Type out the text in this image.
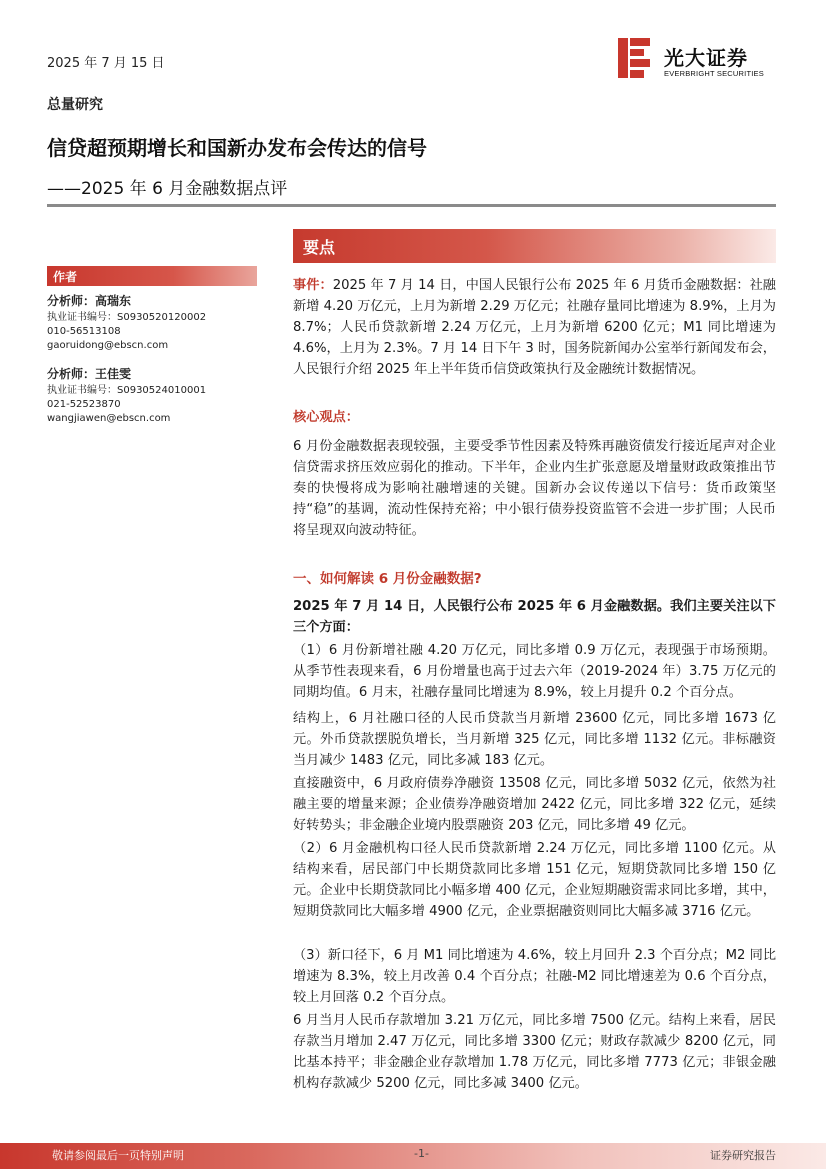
2025 年 7 月 15 日	光大证券
EVERBRIGHT SECURITIES
总量研究
信贷超预期增长和国新办发布会传达的信号
——2025 年 6 月金融数据点评
作者
分析师：高瑞东
执业证书编号：S0930520120002
010-56513108
gaoruidong@ebscn.com
分析师：王佳雯
执业证书编号：S0930524010001
021-52523870
wangjiawen@ebscn.com
要点
事件：2025 年 7 月 14 日，中国人民银行公布 2025 年 6 月货币金融数据：社融新增 4.20 万亿元，上月为新增 2.29 万亿元；社融存量同比增速为 8.9%，上月为 8.7%；人民币贷款新增 2.24 万亿元，上月为新增 6200 亿元；M1 同比增速为 4.6%，上月为 2.3%。7 月 14 日下午 3 时，国务院新闻办公室举行新闻发布会，人民银行介绍 2025 年上半年货币信贷政策执行及金融统计数据情况。
核心观点：
6 月份金融数据表现较强，主要受季节性因素及特殊再融资债发行接近尾声对企业信贷需求挤压效应弱化的推动。下半年，企业内生扩张意愿及增量财政政策推出节奏的快慢将成为影响社融增速的关键。国新办会议传递以下信号：货币政策坚持“稳”的基调，流动性保持充裕；中小银行债券投资监管不会进一步扩围；人民币将呈现双向波动特征。
一、如何解读 6 月份金融数据?
2025 年 7 月 14 日，人民银行公布 2025 年 6 月金融数据。我们主要关注以下三个方面：
（1）6 月份新增社融 4.20 万亿元，同比多增 0.9 万亿元，表现强于市场预期。从季节性表现来看，6 月份增量也高于过去六年（2019-2024 年）3.75 万亿元的同期均值。6 月末，社融存量同比增速为 8.9%，较上月提升 0.2 个百分点。
结构上，6 月社融口径的人民币贷款当月新增 23600 亿元，同比多增 1673 亿元。外币贷款摆脱负增长，当月新增 325 亿元，同比多增 1132 亿元。非标融资当月减少 1483 亿元，同比多减 183 亿元。
直接融资中，6 月政府债券净融资 13508 亿元，同比多增 5032 亿元，依然为社融主要的增量来源；企业债券净融资增加 2422 亿元，同比多增 322 亿元，延续好转势头；非金融企业境内股票融资 203 亿元，同比多增 49 亿元。
（2）6 月金融机构口径人民币贷款新增 2.24 万亿元，同比多增 1100 亿元。从结构来看，居民部门中长期贷款同比多增 151 亿元，短期贷款同比多增 150 亿元。企业中长期贷款同比小幅多增 400 亿元，企业短期融资需求同比多增，其中，短期贷款同比大幅多增 4900 亿元，企业票据融资则同比大幅多减 3716 亿元。
（3）新口径下，6 月 M1 同比增速为 4.6%，较上月回升 2.3 个百分点；M2 同比增速为 8.3%，较上月改善 0.4 个百分点；社融-M2 同比增速差为 0.6 个百分点，较上月回落 0.2 个百分点。
6 月当月人民币存款增加 3.21 万亿元，同比多增 7500 亿元。结构上来看，居民存款当月增加 2.47 万亿元，同比多增 3300 亿元；财政存款减少 8200 亿元，同比基本持平；非金融企业存款增加 1.78 万亿元，同比多增 7773 亿元；非银金融机构存款减少 5200 亿元，同比多减 3400 亿元。
敬请参阅最后一页特别声明	-1-	证券研究报告
